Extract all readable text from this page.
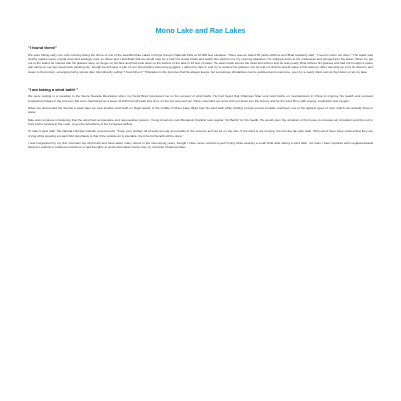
Mono Lake and Rae Lakes
"I found them!"

We were hiking early one cold morning along the shore of one of the beautiful Rae Lakes in Kings Canyon National Park at 10,000 feet elevation. There was an island 50 yards offshore and Brad suddenly said, "I need to swim out there." The water was freshly melted snow, crystal clear and achingly cold, so Steve and I told Brad that we would stop for a trail mix snack break and watch him perform his icy morning ablutions. He stripped down to his underwear and plunged into the water. When he got out to the island he noticed that his glasses were no longer on his face and had sunk down to the bottom of the lake in 15 feet of water. He swam back across the strait and told us that he was nearly blind without his glasses and had not brought a spare pair along on our two week back packing trip, though he did have a pair of non prescription swimming goggles. I offered to dive in and try to retrieve his glasses, but he told me that he would make a first attempt. After warming up a bit he dived in and swam to the bottom, emerging half a minute later triumphantly yelling "I found them!" Tribulation is the promise that life always keeps, but sometimes tribulations can be subdued and overcome, even by a nearly blind man at the bottom of an icy lake.

"I am taking a wind bath! "

We were resting in a meadow in the Sierra Nevada Mountains when my friend Brad introduced me to the concept of wind baths. He had heard that Chairman Mao took wind baths on mountaintops in China to improve his health and received inspirational ideas in the process. We soon clambered up a steep 11,000 foot tall peak and once on the top removed our shirts, extended our arms with our faces into the breeze and let the wind fill us with energy, inspiration and oxygen.

When we descended the Sierras a week later we took another wind bath on Negit Island, in the middle of Mono Lake. Brad took his wind bath while holding a large pumice boulder overhead, one of the lightest types of rock, which can actually float on water.

Mao was not alone in believing that the wind had recuperative and regenerative powers. Young America's own Benjamin Franklin took regular "Air Baths" for his health. He would open the windows of his house to increase air circulation and then sit in front of the window in the nude, to get the full effects of the increased airflow.

To take a wind bath, the Natural Lifestyle website recommends: "Keep your clothes off at least as long as possible in the summer and put air on the skin. If the wind is not running, then let the fan also walk. Often all of them have noticed that they are crying while wearing a small child. Emphasis is that if the outside air is tolerable, then the full benefit will be done."

I was invigorated by my first mountain top wind bath and have taken many others in the intervening years, though I have never noticed myself crying while wearing a small child after taking a wind bath, nor have I been sparked with megalomaniacal ideas for cultural or political revolutions or had thoughts of world domination blown into my mind like Chairman Mao.
